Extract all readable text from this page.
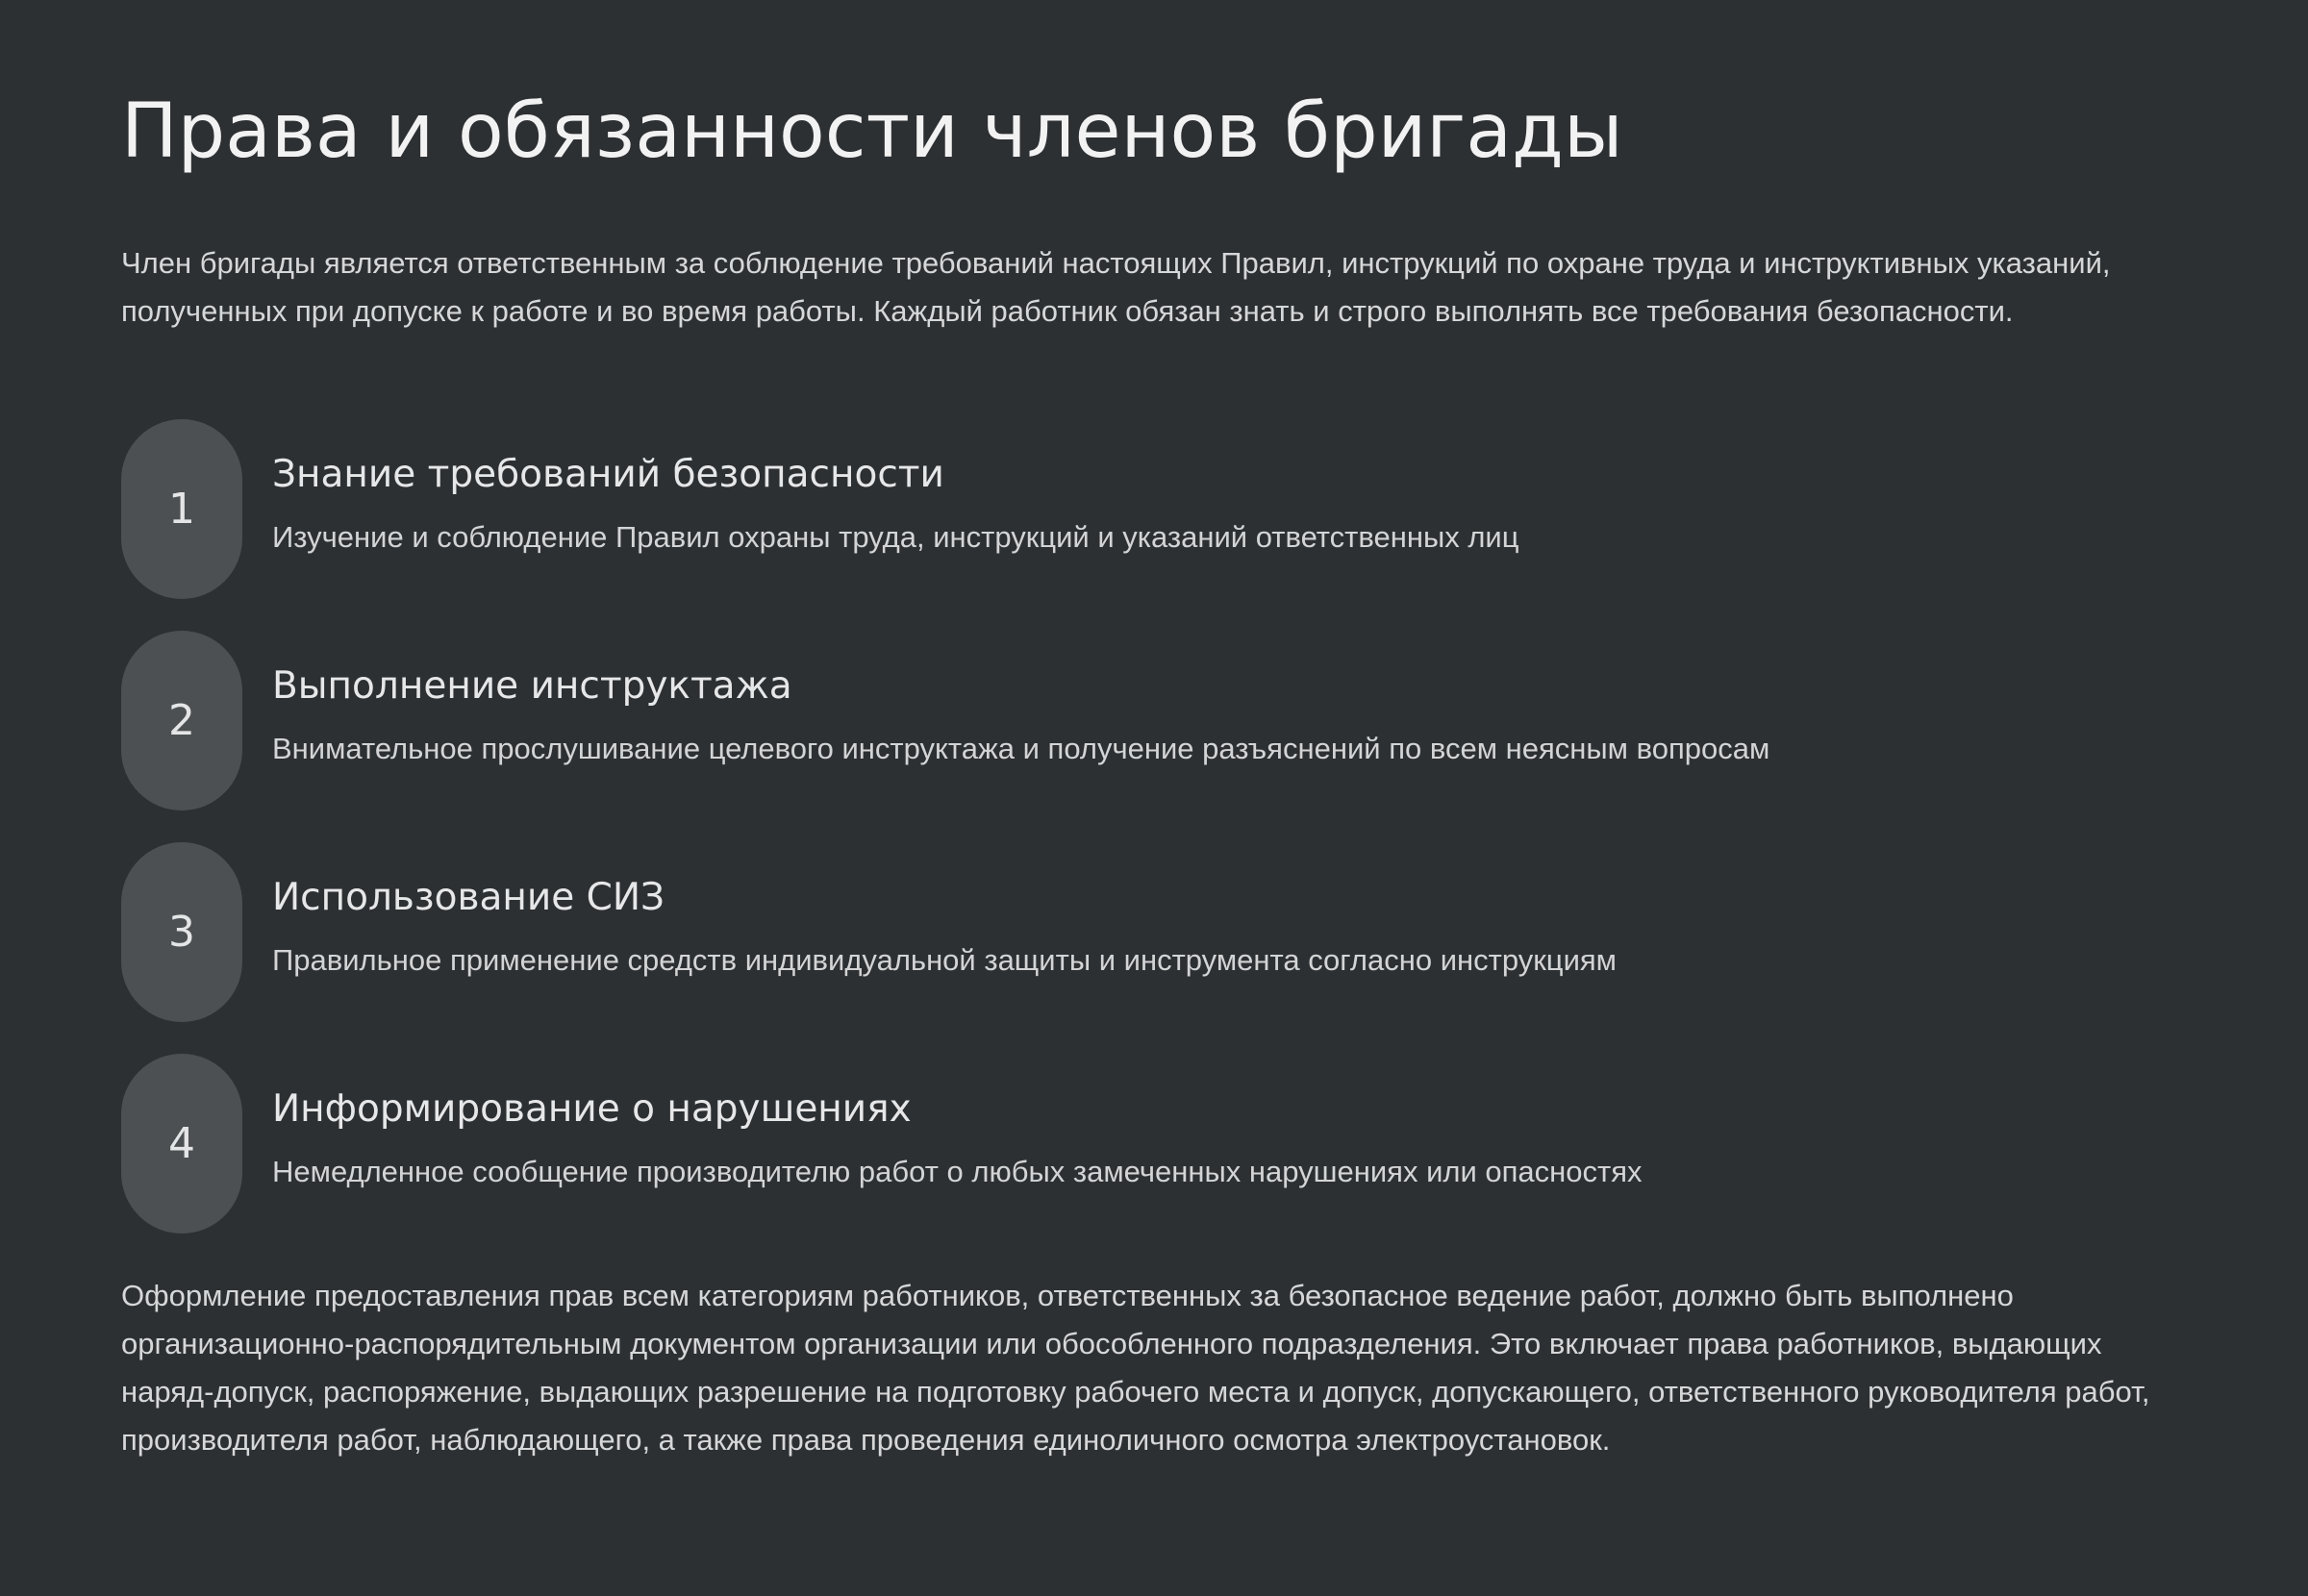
Права и обязанности членов бригады

Член бригады является ответственным за соблюдение требований настоящих Правил, инструкций по охране труда и инструктивных указаний, полученных при допуске к работе и во время работы. Каждый работник обязан знать и строго выполнять все требования безопасности.

1
Знание требований безопасности

Изучение и соблюдение Правил охраны труда, инструкций и указаний ответственных лиц

2
Выполнение инструктажа

Внимательное прослушивание целевого инструктажа и получение разъяснений по всем неясным вопросам

3
Использование СИЗ

Правильное применение средств индивидуальной защиты и инструмента согласно инструкциям

4
Информирование о нарушениях

Немедленное сообщение производителю работ о любых замеченных нарушениях или опасностях

Оформление предоставления прав всем категориям работников, ответственных за безопасное ведение работ, должно быть выполнено организационно-распорядительным документом организации или обособленного подразделения. Это включает права работников, выдающих наряд-допуск, распоряжение, выдающих разрешение на подготовку рабочего места и допуск, допускающего, ответственного руководителя работ, производителя работ, наблюдающего, а также права проведения единоличного осмотра электроустановок.
